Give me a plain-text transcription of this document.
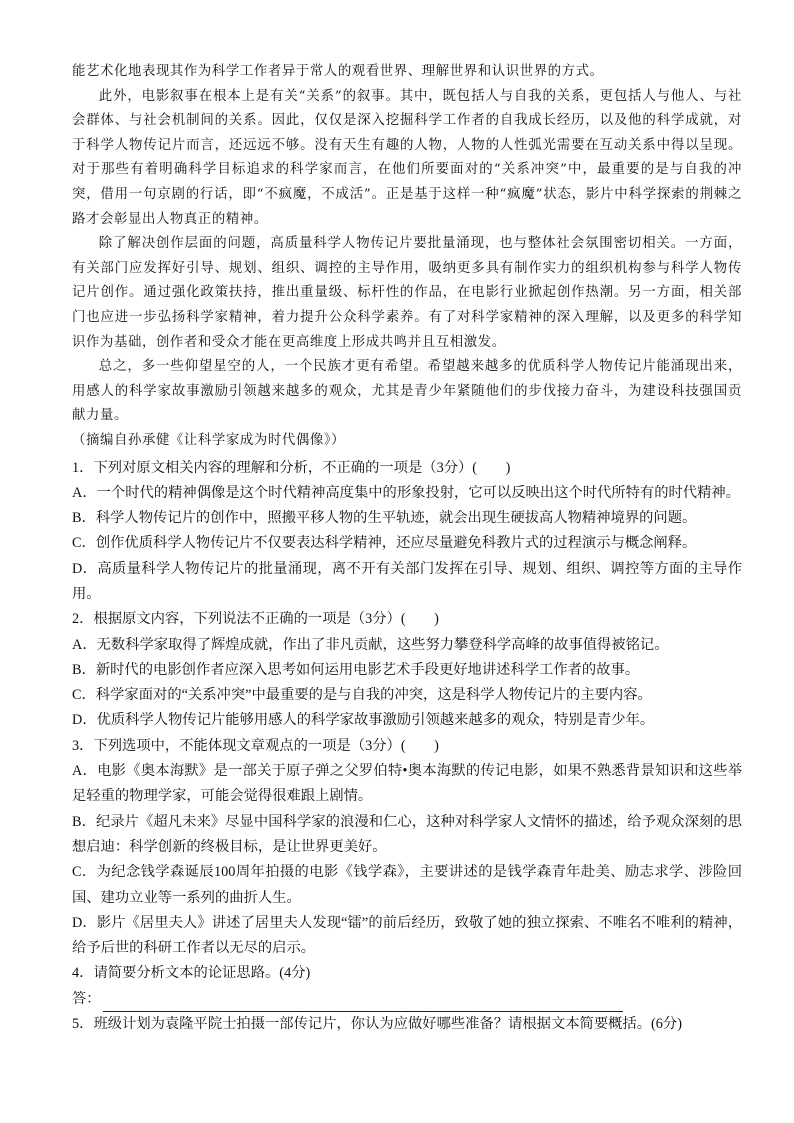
能艺术化地表现其作为科学工作者异于常人的观看世界、理解世界和认识世界的方式。

此外，电影叙事在根本上是有关“关系”的叙事。其中，既包括人与自我的关系，更包括人与他人、与社会群体、与社会机制间的关系。因此，仅仅是深入挖掘科学工作者的自我成长经历，以及他的科学成就，对于科学人物传记片而言，还远远不够。没有天生有趣的人物，人物的人性弧光需要在互动关系中得以呈现。对于那些有着明确科学目标追求的科学家而言，在他们所要面对的“关系冲突”中，最重要的是与自我的冲突，借用一句京剧的行话，即“不疯魔，不成活”。正是基于这样一种“疯魔”状态，影片中科学探索的荆棘之路才会彰显出人物真正的精神。

除了解决创作层面的问题，高质量科学人物传记片要批量涌现，也与整体社会氛围密切相关。一方面，有关部门应发挥好引导、规划、组织、调控的主导作用，吸纳更多具有制作实力的组织机构参与科学人物传记片创作。通过强化政策扶持，推出重量级、标杆性的作品，在电影行业掀起创作热潮。另一方面，相关部门也应进一步弘扬科学家精神，着力提升公众科学素养。有了对科学家精神的深入理解，以及更多的科学知识作为基础，创作者和受众才能在更高维度上形成共鸣并且互相激发。

总之，多一些仰望星空的人，一个民族才更有希望。希望越来越多的优质科学人物传记片能涌现出来，用感人的科学家故事激励引领越来越多的观众，尤其是青少年紧随他们的步伐接力奋斗，为建设科技强国贡献力量。

（摘编自孙承健《让科学家成为时代偶像》）

1．下列对原文相关内容的理解和分析，不正确的一项是（3分）(　　)

A．一个时代的精神偶像是这个时代精神高度集中的形象投射，它可以反映出这个时代所特有的时代精神。

B．科学人物传记片的创作中，照搬平移人物的生平轨迹，就会出现生硬拔高人物精神境界的问题。

C．创作优质科学人物传记片不仅要表达科学精神，还应尽量避免科教片式的过程演示与概念阐释。

D．高质量科学人物传记片的批量涌现，离不开有关部门发挥在引导、规划、组织、调控等方面的主导作用。

2．根据原文内容，下列说法不正确的一项是（3分）(　　)

A．无数科学家取得了辉煌成就，作出了非凡贡献，这些努力攀登科学高峰的故事值得被铭记。

B．新时代的电影创作者应深入思考如何运用电影艺术手段更好地讲述科学工作者的故事。

C．科学家面对的“关系冲突”中最重要的是与自我的冲突，这是科学人物传记片的主要内容。

D．优质科学人物传记片能够用感人的科学家故事激励引领越来越多的观众，特别是青少年。

3．下列选项中，不能体现文章观点的一项是（3分）(　　)

A．电影《奥本海默》是一部关于原子弹之父罗伯特•奥本海默的传记电影，如果不熟悉背景知识和这些举足轻重的物理学家，可能会觉得很难跟上剧情。

B．纪录片《超凡未来》尽显中国科学家的浪漫和仁心，这种对科学家人文情怀的描述，给予观众深刻的思想启迪：科学创新的终极目标，是让世界更美好。

C．为纪念钱学森诞辰100周年拍摄的电影《钱学森》，主要讲述的是钱学森青年赴美、励志求学、涉险回国、建功立业等一系列的曲折人生。

D．影片《居里夫人》讲述了居里夫人发现“镭”的前后经历，致敬了她的独立探索、不唯名不唯利的精神，给予后世的科研工作者以无尽的启示。

4．请简要分析文本的论证思路。(4分)

答：

5．班级计划为袁隆平院士拍摄一部传记片，你认为应做好哪些准备？请根据文本简要概括。(6分)
